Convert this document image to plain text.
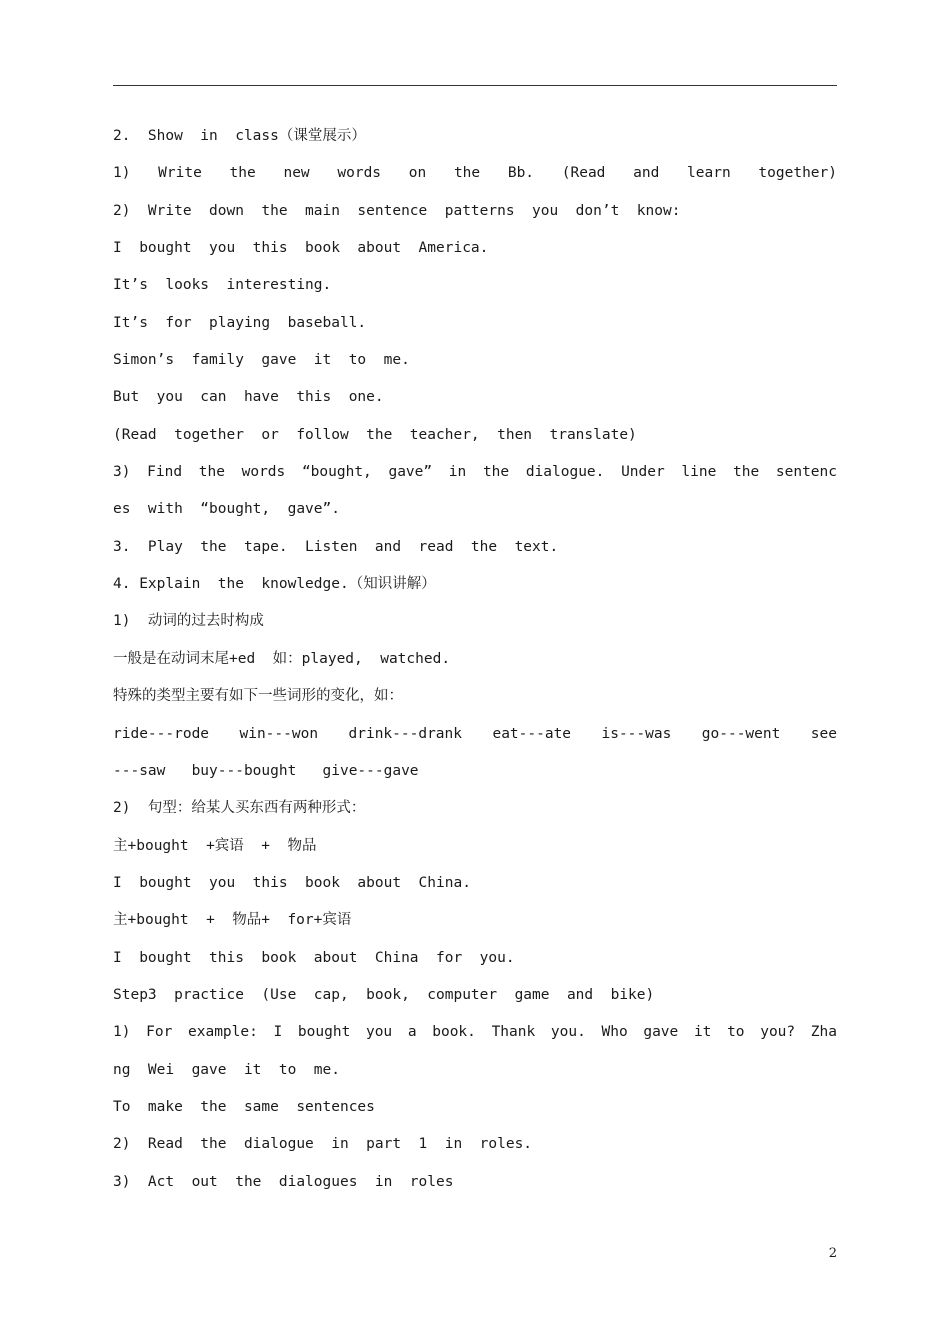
2.  Show  in  class（课堂展示）
1) Write the new words on the Bb. (Read and learn together)
2)  Write  down  the  main  sentence  patterns  you  don’t  know:
I  bought  you  this  book  about  America.
It’s  looks  interesting.
It’s  for  playing  baseball.
Simon’s  family  gave  it  to  me.
But  you  can  have  this  one.
(Read  together  or  follow  the  teacher,  then  translate)
3) Find the words “bought, gave” in the dialogue. Under line the sentenc
es  with  “bought,  gave”.
3.  Play  the  tape.  Listen  and  read  the  text.
4. Explain  the  knowledge.（知识讲解）
1)  动词的过去时构成
一般是在动词末尾+ed  如：played,  watched.
特殊的类型主要有如下一些词形的变化，如：
ride---rode win---won drink---drank eat---ate is---was go---went see
---saw   buy---bought   give---gave
2)  句型：给某人买东西有两种形式：
主+bought  +宾语  +  物品
I  bought  you  this  book  about  China.
主+bought  +  物品+  for+宾语
I  bought  this  book  about  China  for  you.
Step3  practice  (Use  cap,  book,  computer  game  and  bike)
1) For example: I bought you a book. Thank you. Who gave it to you? Zha
ng  Wei  gave  it  to  me.
To  make  the  same  sentences
2)  Read  the  dialogue  in  part  1  in  roles.
3)  Act  out  the  dialogues  in  roles
2
